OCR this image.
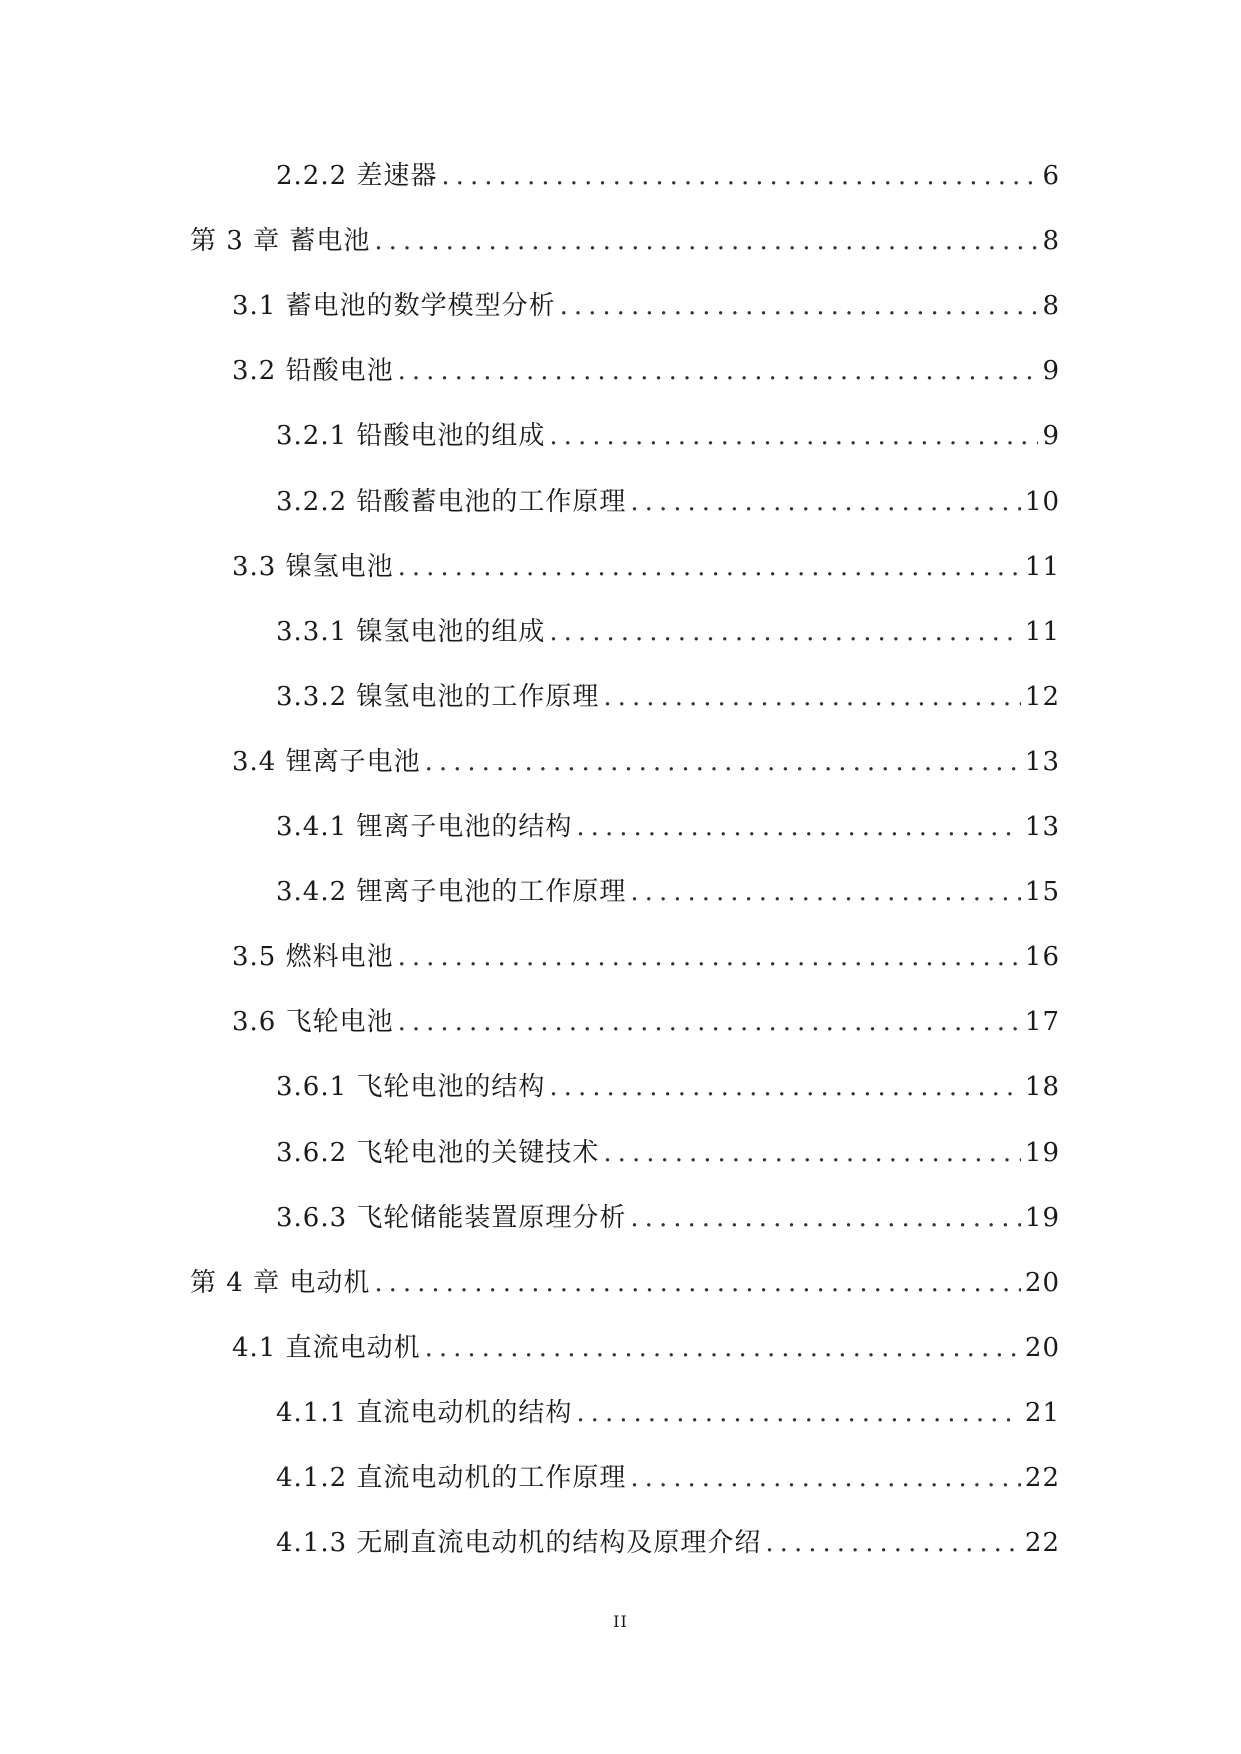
2.2.2 差速器 .....	6
第 3 章 蓄电池 .....	8
3.1 蓄电池的数学模型分析 .....	8
3.2 铅酸电池 .....	9
3.2.1 铅酸电池的组成 .....	9
3.2.2 铅酸蓄电池的工作原理 .....	10
3.3 镍氢电池 .....	11
3.3.1 镍氢电池的组成 .....	11
3.3.2 镍氢电池的工作原理 .....	12
3.4 锂离子电池 .....	13
3.4.1 锂离子电池的结构 .....	13
3.4.2 锂离子电池的工作原理 .....	15
3.5 燃料电池 .....	16
3.6 飞轮电池 .....	17
3.6.1 飞轮电池的结构 .....	18
3.6.2 飞轮电池的关键技术 .....	19
3.6.3 飞轮储能装置原理分析 .....	19
第 4 章 电动机 .....	20
4.1 直流电动机 .....	20
4.1.1 直流电动机的结构 .....	21
4.1.2 直流电动机的工作原理 .....	22
4.1.3 无刷直流电动机的结构及原理介绍 .....	22
II
